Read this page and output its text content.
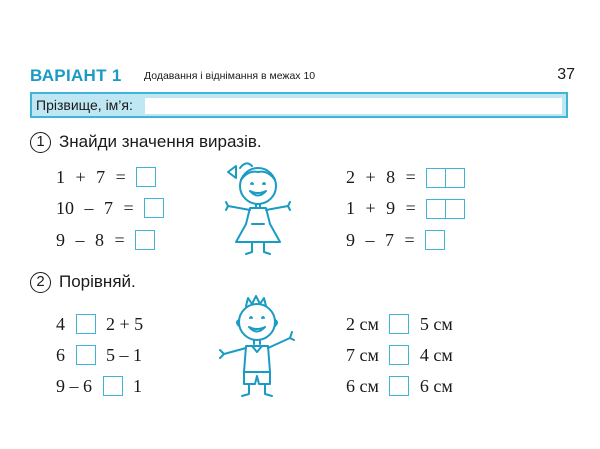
ВАРІАНТ 1 Додавання і віднімання в межах 10	37
Прізвище, ім’я:
1 Знайди значення виразів.
1 + 7 =
10 – 7 =
9 – 8 =
2 + 8 =
1 + 9 =
9 – 7 =
2 Порівняй.
4 2 + 5
6 5 – 1
9 – 6 1
2 см 5 см
7 см 4 см
6 см 6 см
